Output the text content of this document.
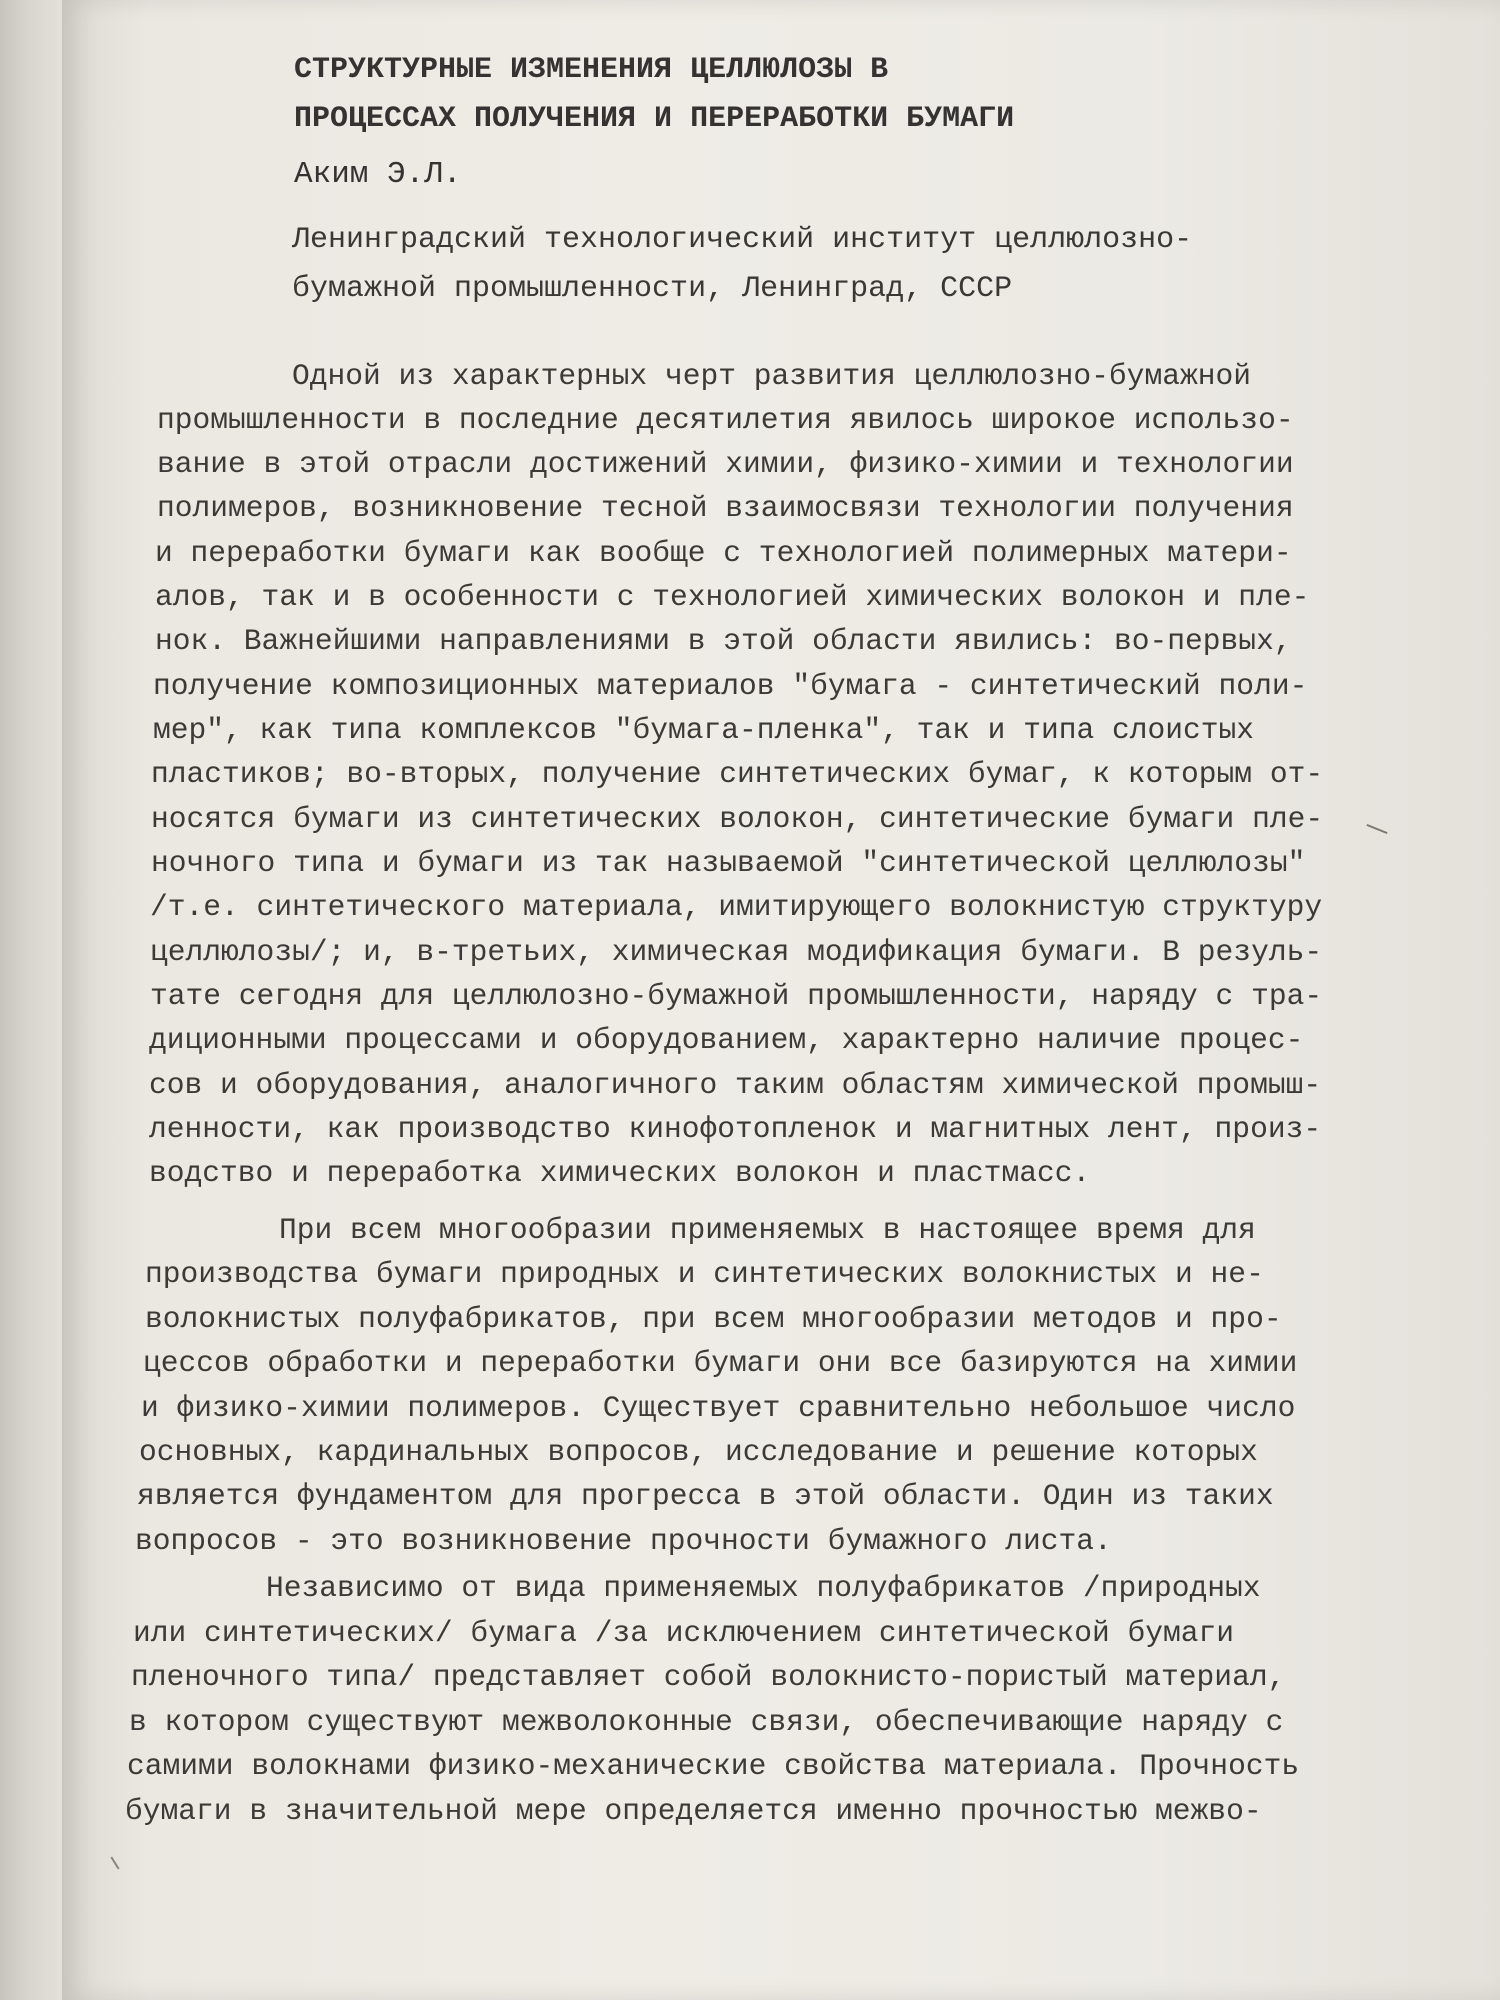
СТРУКТУРНЫЕ ИЗМЕНЕНИЯ ЦЕЛЛЮЛОЗЫ В
ПРОЦЕССАХ ПОЛУЧЕНИЯ И ПЕРЕРАБОТКИ БУМАГИ
Аким Э.Л.
Ленинградский технологический институт целлюлозно-
бумажной промышленности, Ленинград, СССР
Одной из характерных черт развития целлюлозно-бумажной
промышленности в последние десятилетия явилось широкое использо-
вание в этой отрасли достижений химии, физико-химии и технологии
полимеров, возникновение тесной взаимосвязи технологии получения
и переработки бумаги как вообще с технологией полимерных матери-
алов, так и в особенности с технологией химических волокон и пле-
нок. Важнейшими направлениями в этой области явились: во-первых,
получение композиционных материалов "бумага - синтетический поли-
мер", как типа комплексов "бумага-пленка", так и типа слоистых
пластиков; во-вторых, получение синтетических бумаг, к которым от-
носятся бумаги из синтетических волокон, синтетические бумаги пле-
ночного типа и бумаги из так называемой "синтетической целлюлозы"
/т.е. синтетического материала, имитирующего волокнистую структуру
целлюлозы/; и, в-третьих, химическая модификация бумаги. В резуль-
тате сегодня для целлюлозно-бумажной промышленности, наряду с тра-
диционными процессами и оборудованием, характерно наличие процес-
сов и оборудования, аналогичного таким областям химической промыш-
ленности, как производство кинофотопленок и магнитных лент, произ-
водство и переработка химических волокон и пластмасс.
При всем многообразии применяемых в настоящее время для
производства бумаги природных и синтетических волокнистых и не-
волокнистых полуфабрикатов, при всем многообразии методов и про-
цессов обработки и переработки бумаги они все базируются на химии
и физико-химии полимеров. Существует сравнительно небольшое число
основных, кардинальных вопросов, исследование и решение которых
является фундаментом для прогресса в этой области. Один из таких
вопросов - это возникновение прочности бумажного листа.
Независимо от вида применяемых полуфабрикатов /природных
или синтетических/ бумага /за исключением синтетической бумаги
пленочного типа/ представляет собой волокнисто-пористый материал,
в котором существуют межволоконные связи, обеспечивающие наряду с
самими волокнами физико-механические свойства материала. Прочность
бумаги в значительной мере определяется именно прочностью межво-
